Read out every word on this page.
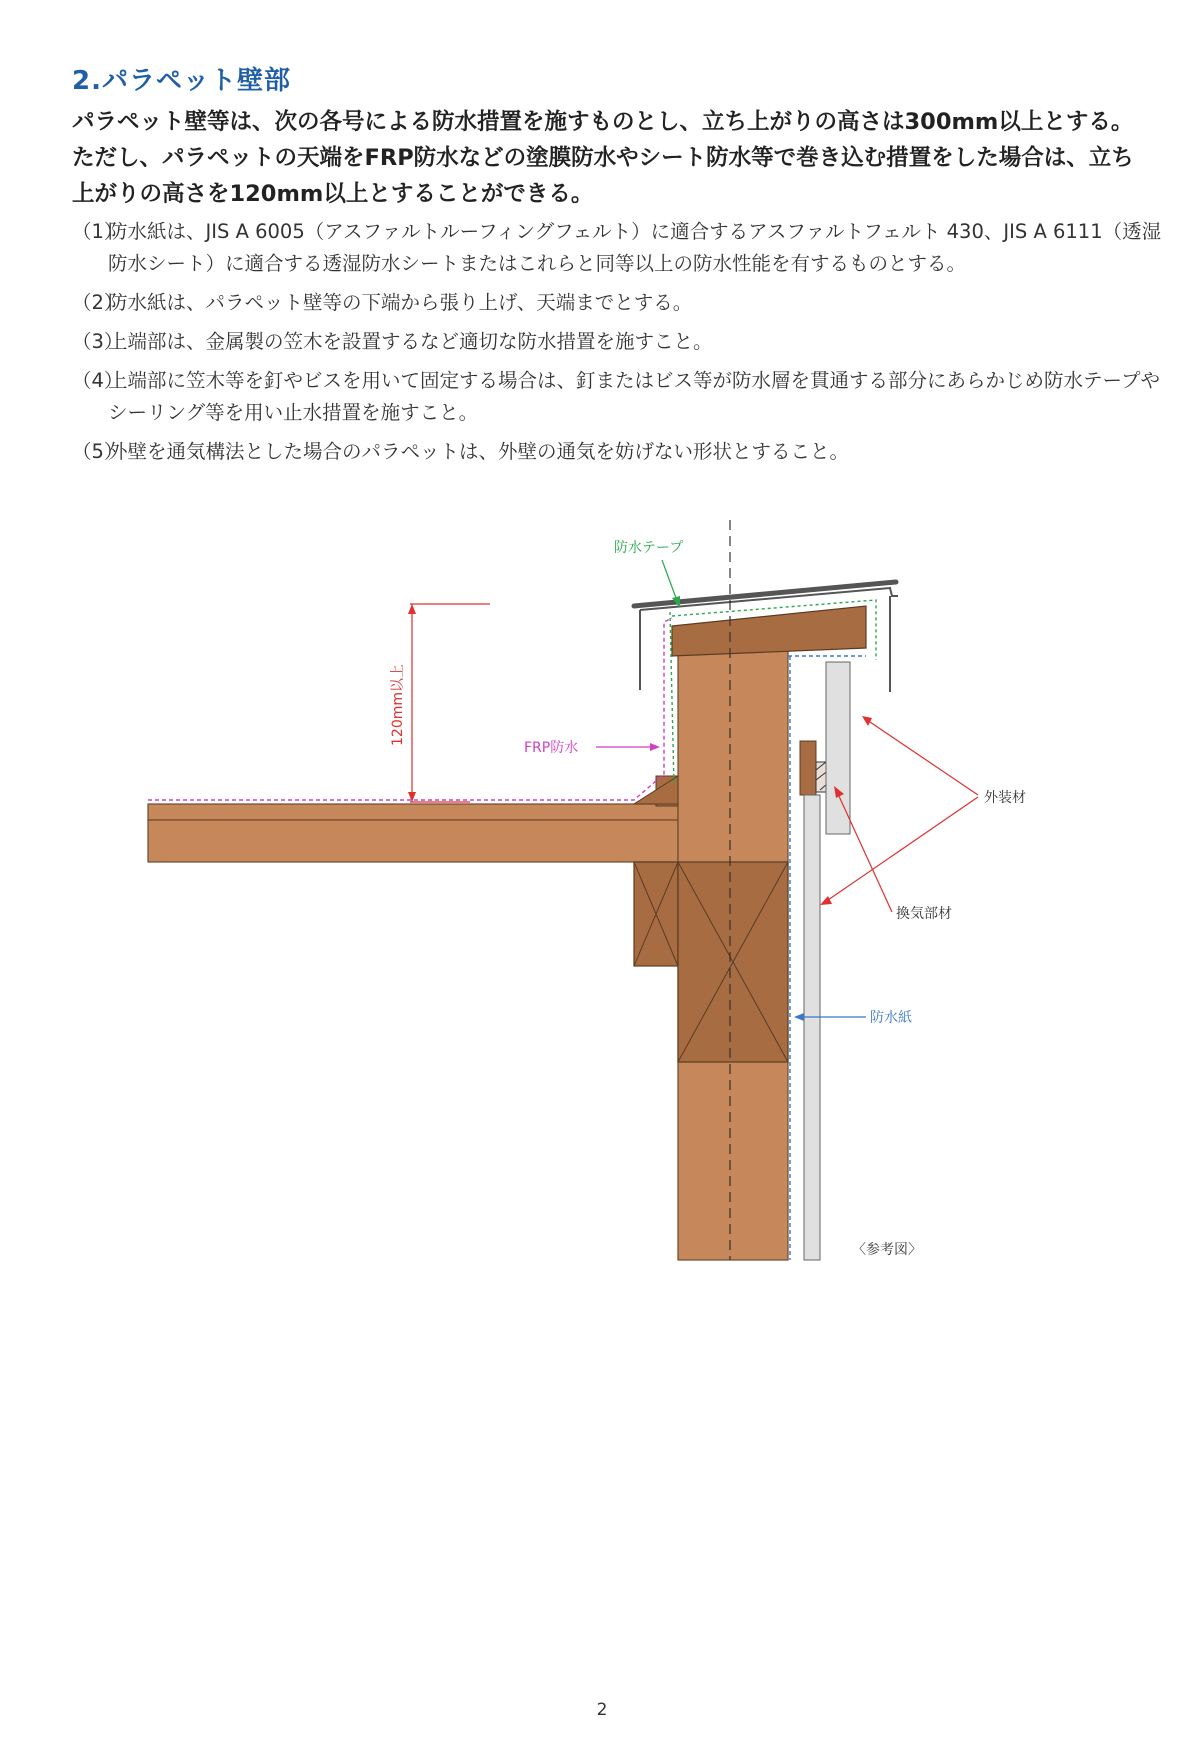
2.パラペット壁部

パラペット壁等は、次の各号による防水措置を施すものとし、立ち上がりの高さは300mm以上とする。ただし、パラペットの天端をFRP防水などの塗膜防水やシート防水等で巻き込む措置をした場合は、立ち上がりの高さを120mm以上とすることができる。

（1）
防水紙は、JIS A 6005（アスファルトルーフィングフェルト）に適合するアスファルトフェルト 430、JIS A 6111（透湿防水シート）に適合する透湿防水シートまたはこれらと同等以上の防水性能を有するものとする。
（2）
防水紙は、パラペット壁等の下端から張り上げ、天端までとする。
（3）
上端部は、金属製の笠木を設置するなど適切な防水措置を施すこと。
（4）
上端部に笠木等を釘やビスを用いて固定する場合は、釘またはビス等が防水層を貫通する部分にあらかじめ防水テープやシーリング等を用い止水措置を施すこと。
（5）
外壁を通気構法とした場合のパラペットは、外壁の通気を妨げない形状とすること。
120mm以上
FRP防水
防水テープ
外装材
換気部材
防水紙
〈参考図〉

2
